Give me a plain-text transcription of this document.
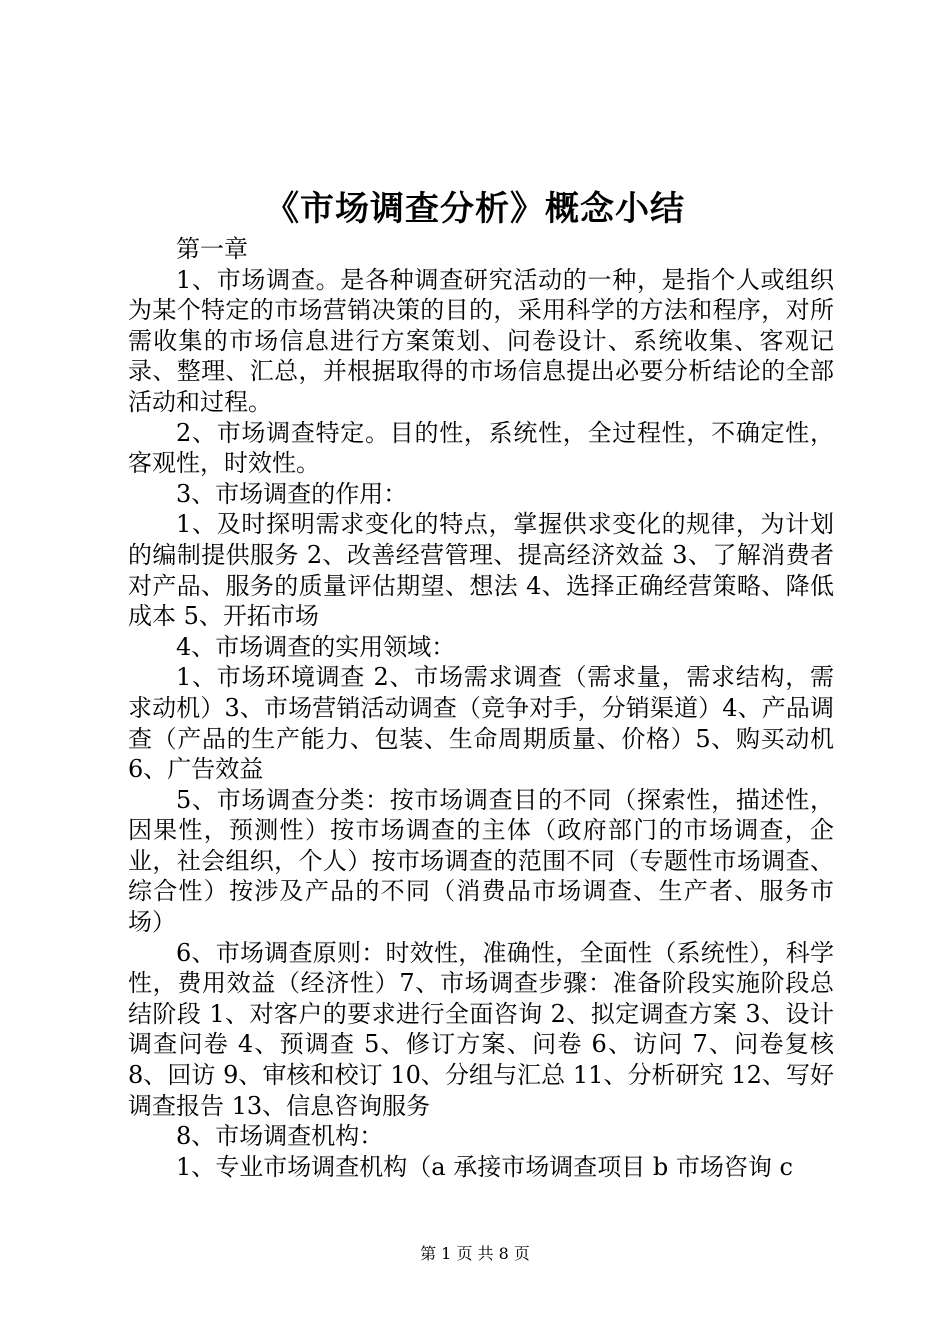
《市场调查分析》概念小结

第一章

1、市场调查。是各种调查研究活动的一种，是指个人或组织为某个特定的市场营销决策的目的，采用科学的方法和程序，对所需收集的市场信息进行方案策划、问卷设计、系统收集、客观记录、整理、汇总，并根据取得的市场信息提出必要分析结论的全部活动和过程。

2、市场调查特定。目的性，系统性，全过程性，不确定性，客观性，时效性。

3、市场调查的作用：

1、及时探明需求变化的特点，掌握供求变化的规律，为计划的编制提供服务 2、改善经营管理、提高经济效益 3、了解消费者对产品、服务的质量评估期望、想法 4、选择正确经营策略、降低成本 5、开拓市场

4、市场调查的实用领域：

1、市场环境调查 2、市场需求调查（需求量，需求结构，需求动机）3、市场营销活动调查（竞争对手，分销渠道）4、产品调查（产品的生产能力、包装、生命周期质量、价格）5、购买动机 6、广告效益

5、市场调查分类：按市场调查目的不同（探索性，描述性，因果性，预测性）按市场调查的主体（政府部门的市场调查，企业，社会组织，个人）按市场调查的范围不同（专题性市场调查、综合性）按涉及产品的不同（消费品市场调查、生产者、服务市场）

6、市场调查原则：时效性，准确性，全面性（系统性），科学性，费用效益（经济性）7、市场调查步骤：准备阶段实施阶段总结阶段 1、对客户的要求进行全面咨询 2、拟定调查方案 3、设计调查问卷 4、预调查 5、修订方案、问卷 6、访问 7、问卷复核 8、回访 9、审核和校订 10、分组与汇总 11、分析研究 12、写好调查报告 13、信息咨询服务

8、市场调查机构：

1、专业市场调查机构（a 承接市场调查项目 b 市场咨询 c

第 1 页 共 8 页
